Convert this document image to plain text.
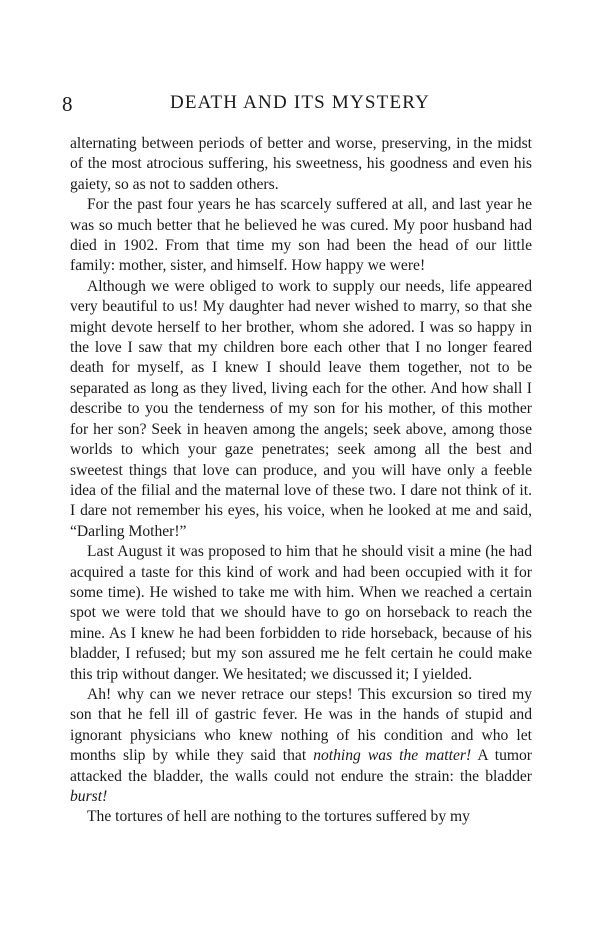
8	DEATH AND ITS MYSTERY

alternating between periods of better and worse, preserving, in the midst of the most atrocious suffering, his sweetness, his goodness and even his gaiety, so as not to sadden others.

For the past four years he has scarcely suffered at all, and last year he was so much better that he believed he was cured. My poor husband had died in 1902. From that time my son had been the head of our little family: mother, sister, and himself. How happy we were!

Although we were obliged to work to supply our needs, life appeared very beautiful to us! My daughter had never wished to marry, so that she might devote herself to her brother, whom she adored. I was so happy in the love I saw that my children bore each other that I no longer feared death for myself, as I knew I should leave them together, not to be separated as long as they lived, living each for the other. And how shall I describe to you the tenderness of my son for his mother, of this mother for her son? Seek in heaven among the angels; seek above, among those worlds to which your gaze penetrates; seek among all the best and sweetest things that love can produce, and you will have only a feeble idea of the filial and the maternal love of these two. I dare not think of it. I dare not remember his eyes, his voice, when he looked at me and said, “Darling Mother!”

Last August it was proposed to him that he should visit a mine (he had acquired a taste for this kind of work and had been occupied with it for some time). He wished to take me with him. When we reached a certain spot we were told that we should have to go on horseback to reach the mine. As I knew he had been forbidden to ride horseback, because of his bladder, I refused; but my son assured me he felt certain he could make this trip without danger. We hesitated; we discussed it; I yielded.

Ah! why can we never retrace our steps! This excursion so tired my son that he fell ill of gastric fever. He was in the hands of stupid and ignorant physicians who knew nothing of his condition and who let months slip by while they said that nothing was the matter! A tumor attacked the bladder, the walls could not endure the strain: the bladder burst!

The tortures of hell are nothing to the tortures suffered by my
